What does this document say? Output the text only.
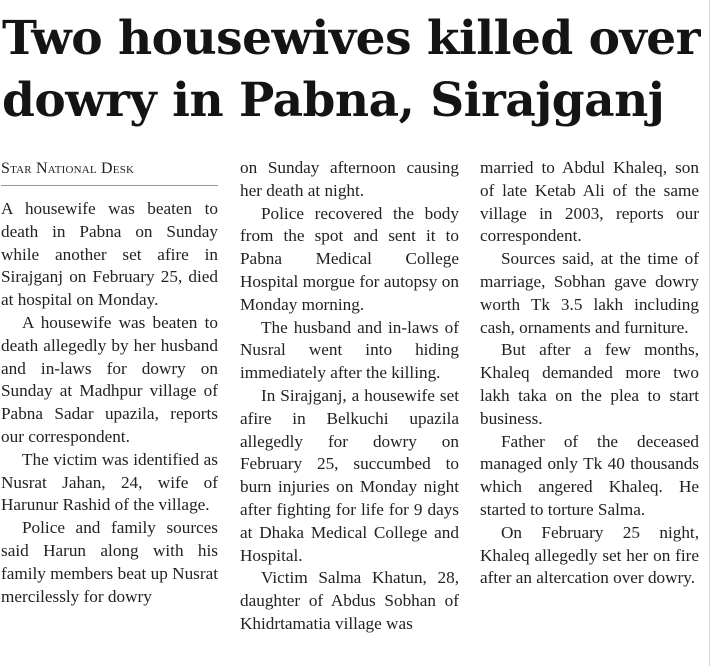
Two housewives killed over dowry in Pabna, Sirajganj
Star National Desk

A housewife was beaten to death in Pabna on Sunday while another set afire in Sirajganj on February 25, died at hospital on Monday.

A housewife was beaten to death allegedly by her husband and in-laws for dowry on Sunday at Madhpur village of Pabna Sadar upazila, reports our correspondent.

The victim was identified as Nusrat Jahan, 24, wife of Harunur Rashid of the village.

Police and family sources said Harun along with his family members beat up Nusrat mercilessly for dowry

on Sunday afternoon causing her death at night.

Police recovered the body from the spot and sent it to Pabna Medical College Hospital morgue for autopsy on Monday morning.

The husband and in-laws of Nusral went into hiding immediately after the killing.

In Sirajganj, a housewife set afire in Belkuchi upazila allegedly for dowry on February 25, succumbed to burn injuries on Monday night after fighting for life for 9 days at Dhaka Medical College and Hospital.

Victim Salma Khatun, 28, daughter of Abdus Sobhan of Khidrtamatia village was

married to Abdul Khaleq, son of late Ketab Ali of the same village in 2003, reports our correspondent.

Sources said, at the time of marriage, Sobhan gave dowry worth Tk 3.5 lakh including cash, ornaments and furniture.

But after a few months, Khaleq demanded more two lakh taka on the plea to start business.

Father of the deceased managed only Tk 40 thousands which angered Khaleq. He started to torture Salma.

On February 25 night, Khaleq allegedly set her on fire after an altercation over dowry.
